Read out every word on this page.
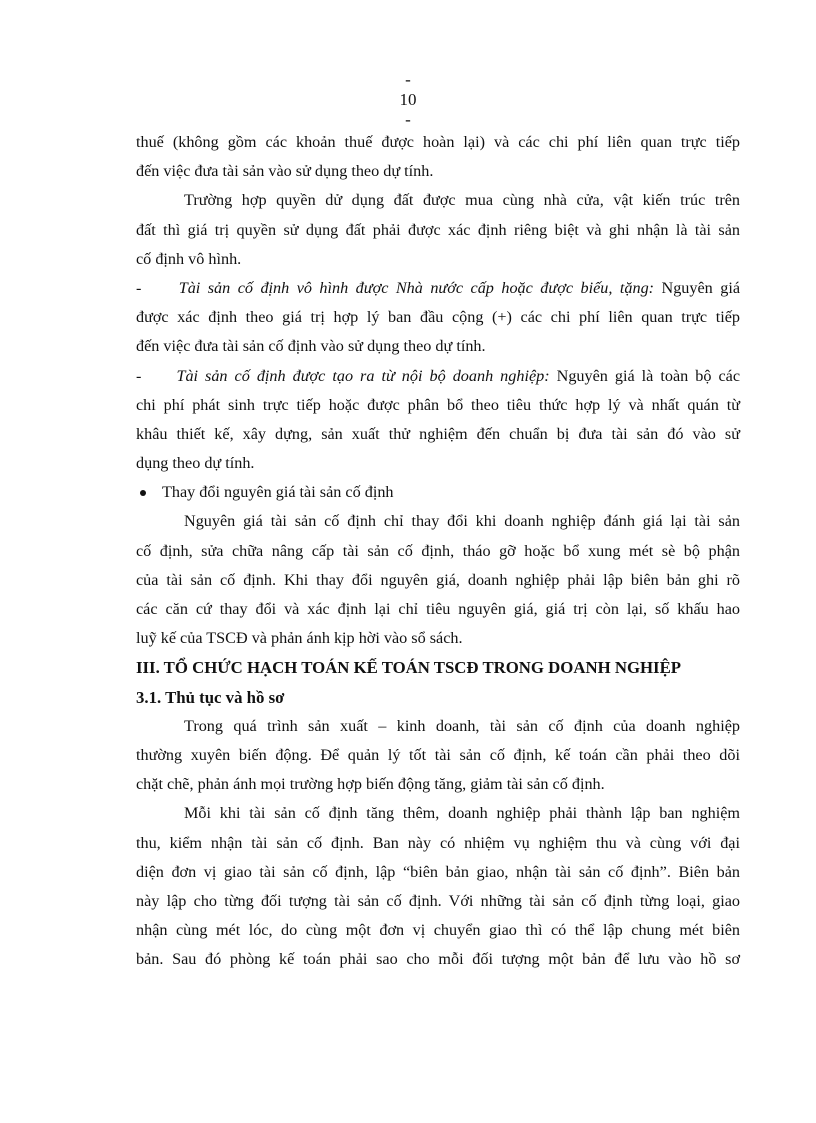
-
10
-
thuế (không gồm các khoản thuế được hoàn lại) và các chi phí liên quan trực tiếp
đến việc đưa tài sản vào sử dụng theo dự tính.
Trường hợp quyền dử dụng đất được mua cùng nhà cửa, vật kiến trúc trên
đất thì giá trị quyền sử dụng đất phải được xác định riêng biệt và ghi nhận là tài sản
cố định vô hình.
- Tài sản cố định vô hình được Nhà nước cấp hoặc được biếu, tặng: Nguyên giá
được xác định theo giá trị hợp lý ban đầu cộng (+) các chi phí liên quan trực tiếp
đến việc đưa tài sản cố định vào sử dụng theo dự tính.
- Tài sản cố định được tạo ra từ nội bộ doanh nghiệp: Nguyên giá là toàn bộ các
chi phí phát sinh trực tiếp hoặc được phân bổ theo tiêu thức hợp lý và nhất quán từ
khâu thiết kế, xây dựng, sản xuất thử nghiệm đến chuẩn bị đưa tài sản đó vào sử
dụng theo dự tính.
Thay đổi nguyên giá tài sản cố định
Nguyên giá tài sản cố định chỉ thay đổi khi doanh nghiệp đánh giá lại tài sản
cố định, sửa chữa nâng cấp tài sản cố định, tháo gỡ hoặc bổ xung mét sè bộ phận
của tài sản cố định. Khi thay đổi nguyên giá, doanh nghiệp phải lập biên bản ghi rõ
các căn cứ thay đổi và xác định lại chỉ tiêu nguyên giá, giá trị còn lại, số khấu hao
luỹ kế của TSCĐ và phản ánh kịp hời vào sổ sách.
III. TỔ CHỨC HẠCH TOÁN KẾ TOÁN TSCĐ TRONG DOANH NGHIỆP
3.1. Thủ tục và hồ sơ
Trong quá trình sản xuất – kinh doanh, tài sản cố định của doanh nghiệp
thường xuyên biến động. Để quản lý tốt tài sản cố định, kế toán cần phải theo dõi
chặt chẽ, phản ánh mọi trường hợp biến động tăng, giảm tài sản cố định.
Mỗi khi tài sản cố định tăng thêm, doanh nghiệp phải thành lập ban nghiệm
thu, kiểm nhận tài sản cố định. Ban này có nhiệm vụ nghiệm thu và cùng với đại
diện đơn vị giao tài sản cố định, lập “biên bản giao, nhận tài sản cố định”. Biên bản
này lập cho từng đối tượng tài sản cố định. Với những tài sản cố định từng loại, giao
nhận cùng mét lóc, do cùng một đơn vị chuyển giao thì có thể lập chung mét biên
bản. Sau đó phòng kế toán phải sao cho mỗi đối tượng một bản để lưu vào hồ sơ
